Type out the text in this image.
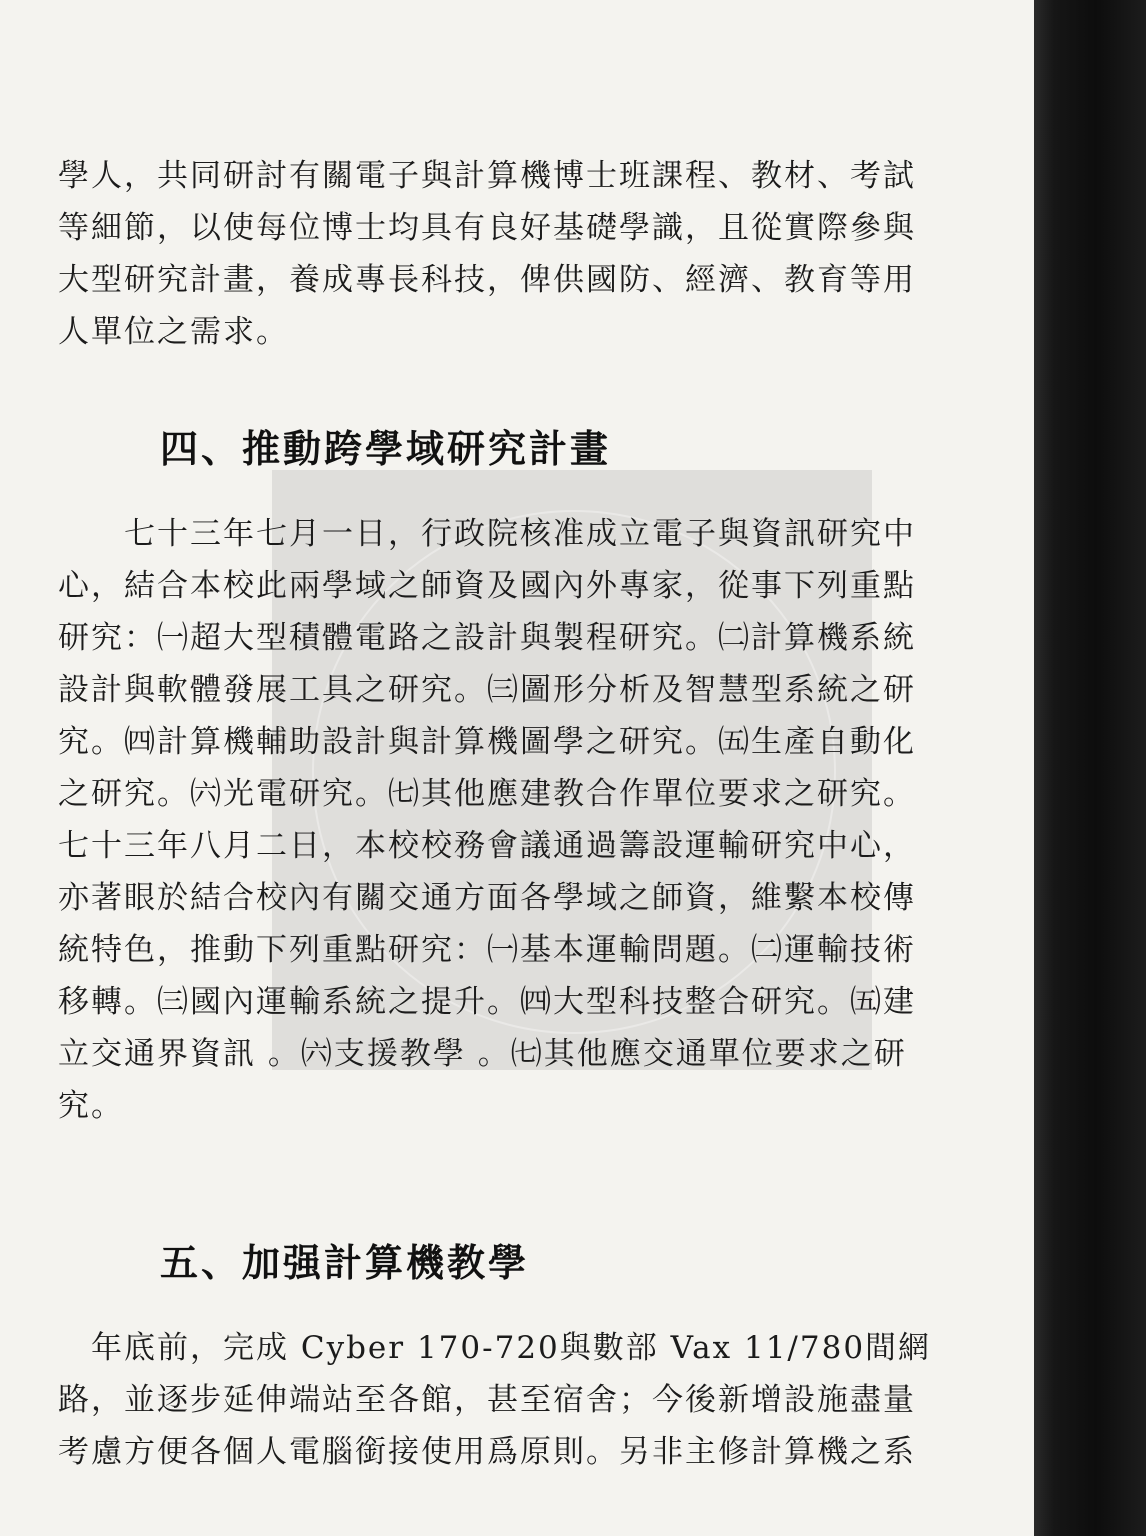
學人，共同研討有關電子與計算機博士班課程、教材、考試
等細節，以使每位博士均具有良好基礎學識，且從實際參與
大型研究計畫，養成專長科技，俾供國防、經濟、教育等用
人單位之需求。

四、推動跨學域研究計畫

　　七十三年七月一日，行政院核准成立電子與資訊研究中
心，結合本校此兩學域之師資及國內外專家，從事下列重點
研究：㈠超大型積體電路之設計與製程研究。㈡計算機系統
設計與軟體發展工具之研究。㈢圖形分析及智慧型系統之研
究。㈣計算機輔助設計與計算機圖學之研究。㈤生產自動化
之研究。㈥光電研究。㈦其他應建教合作單位要求之研究。
七十三年八月二日，本校校務會議通過籌設運輸研究中心，
亦著眼於結合校內有關交通方面各學域之師資，維繫本校傳
統特色，推動下列重點研究：㈠基本運輸問題。㈡運輸技術
移轉。㈢國內運輸系統之提升。㈣大型科技整合研究。㈤建
立交通界資訊 。㈥支援教學 。㈦其他應交通單位要求之研
究。

五、加强計算機教學

　年底前，完成 Cyber 170-720與數部 Vax 11/780間網
路，並逐步延伸端站至各館，甚至宿舍；今後新增設施盡量
考慮方便各個人電腦銜接使用爲原則。另非主修計算機之系
